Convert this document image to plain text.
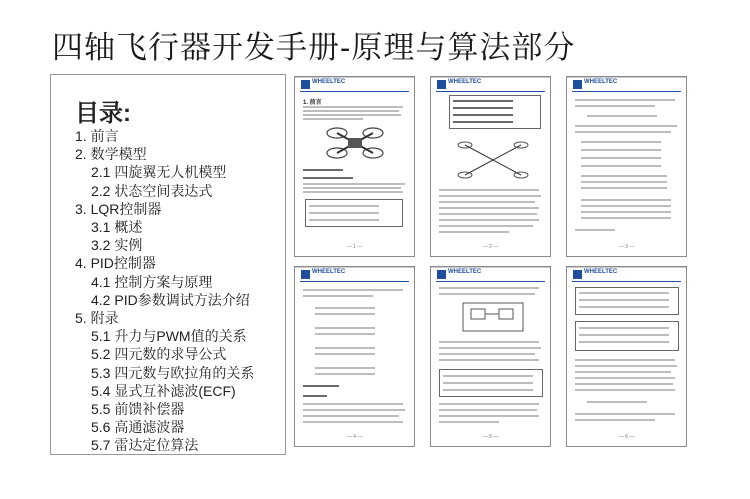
四轴飞行器开发手册-原理与算法部分
目录:
1. 前言
2. 数学模型
2.1 四旋翼无人机模型
2.2 状态空间表达式
3. LQR控制器
3.1 概述
3.2 实例
4. PID控制器
4.1 控制方案与原理
4.2 PID参数调试方法介绍
5. 附录
5.1 升力与PWM值的关系
5.2 四元数的求导公式
5.3 四元数与欧拉角的关系
5.4 显式互补滤波(ECF)
5.5 前馈补偿器
5.6 高通滤波器
5.7 雷达定位算法
WHEELTEC
1. 前言
— 1 —
WHEELTEC
— 2 —
WHEELTEC
— 3 —
WHEELTEC
— 4 —
WHEELTEC
— 5 —
WHEELTEC
— 6 —
